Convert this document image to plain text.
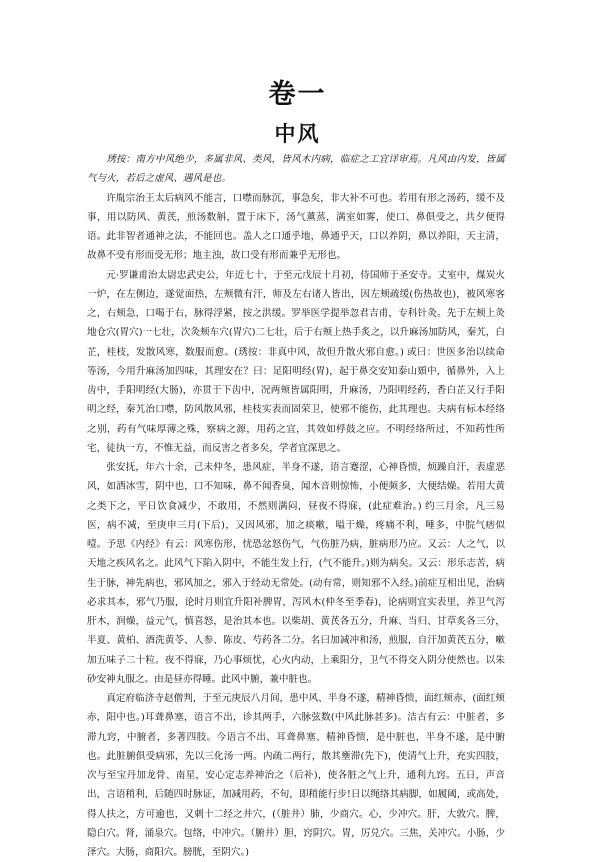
卷一
中风

琇按：南方中风绝少，多属非风、类风，皆风木内病，临症之工宜详审焉。凡风由内发，皆属气与火，若后之虚风、遇风是也。

许胤宗治王太后病风不能言，口噤而脉沉，事急矣，非大补不可也。若用有形之汤药，缓不及事，用以防风、黄芪，煎汤数斛，置于床下，汤气薰蒸，满室如雾，使口、鼻俱受之，共夕便得语。此非智者通神之法，不能回也。盖人之口通乎地，鼻通乎天，口以养阴，鼻以养阳，天主清，故鼻不受有形而受无形；地主浊，故口受有形而兼乎无形也。

元·罗谦甫治太尉忠武史公，年近七十，于至元戊辰十月初，侍国师于圣安寺。丈室中，煤炭火一炉，在左侧边，遂觉面热，左颊微有汗，师及左右诸人皆出，因左颊疏缓(伤热故也)，被风寒客之，右颊急，口喝于右，脉得浮紧，按之洪缓。罗举医学提举忽君吉甫，专科针灸。先于左颊上灸地仓穴(胃穴)一七壮，次灸颊车穴(胃穴)二七壮，后于右颊上热手炙之，以升麻汤加防风，秦艽，白芷，桂枝，发散风寒，数服而愈。(琇按：非真中风，故但升散火邪自愈。) 或曰：世医多治以续命等汤，今用升麻汤加四味，其理安在？曰：足阳明经(胃)，起于鼻交安知泰山頞中，循鼻外，入上齿中，手阳明经(大肠)，亦贯于下齿中，况两颊皆属阳明，升麻汤，乃阳明经药，香白芷又行手阳明之经，秦艽治口噤，防风散风邪，桂枝实表而固荣卫，使邪不能伤，此其理也。夫病有标本经络之别，药有气味厚薄之殊，察病之源，用药之宜，其效如桴鼓之应。不明经络所过，不知药性所宅，徒执一方，不惟无益，而反害之者多矣，学者宜深思之。

张安抚，年六十余，己未仲冬，患风症，半身不遂，语言蹇涩，心神昏愦，烦躁自汗，表虚恶风，如洒冰雪，阴中也，口不知味，鼻不闻香臭，闻木音则惊怖，小便频多，大便结燥。若用大黄之类下之，平日饮食减少，不敢用，不然则满闷，昼夜不得寐，(此症难治。) 约三月余，凡三易医，病不减，至庚申三月(下后)，又因风邪，加之痰嗽，嗌干燥，疼痛不利，唾多，中脘气痞似噎。予思《内经》有云：风寒伤形，忧恐忿怒伤气，气伤脏乃病，脏病形乃应。又云：人之气，以天地之疾风名之。此风气下陷入阴中，不能生发上行，(气不能升。)则为病矣。又云：形乐志苦，病生于脉，神先病也，邪风加之，邪入于经动无常处。(动有常，则知邪不入经。)前症互相出见，治病必求其本，邪气乃服，论时月则宜升阳补脾胃，泻风木(仲冬至季春)，论病则宜实表里，养卫气泻肝木，润燥，益元气，慎喜怒，是治其本也。以柴胡、黄芪各五分，升麻、当归、甘草炙各三分，半夏、黄柏、酒洗黄苓、人参、陈皮、芍药各二分。名曰加减冲和汤，煎服，自汗加黄芪五分，嗽加五味子二十粒。夜不得寐，乃心事烦忧，心火内动，上乘阳分，卫气不得交入阴分使然也。以朱砂安神丸服之。由是昼亦得睡。此风中腑，兼中脏也。

真定府临济寺赵僧判，于至元庚辰八月间，患中风、半身不遂，精神昏愦，面红颊赤，(面红颊赤，阳中也。)耳聋鼻塞，语言不出，诊其两手，六脉弦数(中风此脉甚多)。洁古有云：中脏者，多滞九窍，中腑者，多著四肢。今语言不出、耳聋鼻塞、精神昏愦，是中脏也，半身不遂，是中腑也。此脏腑俱受病邪，先以三化汤一两。内疏二两行，散其壅滞(先下)，使清气上升，充实四肢，次与至宝丹加龙骨、南星，安心定志养神治之（后补)，使各脏之气上升，通利九窍。五日，声音出，言语稍利，后随四时脉证，加减用药，不旬，即稍能行步!日以绳络其病脚，如履阈，或高处，得人扶之，方可逾也，又刺十二经之井穴，(（脏井）肺，少商穴。心，少冲穴。肝，大敦穴。脾，隐白穴。肾，涌泉穴。包络，中冲穴。（腑井）胆，窍阴穴。胃，厉兑穴。三焦，关冲穴。小肠，少泽穴。大肠，商阳穴。膀胱，至阴穴。)
